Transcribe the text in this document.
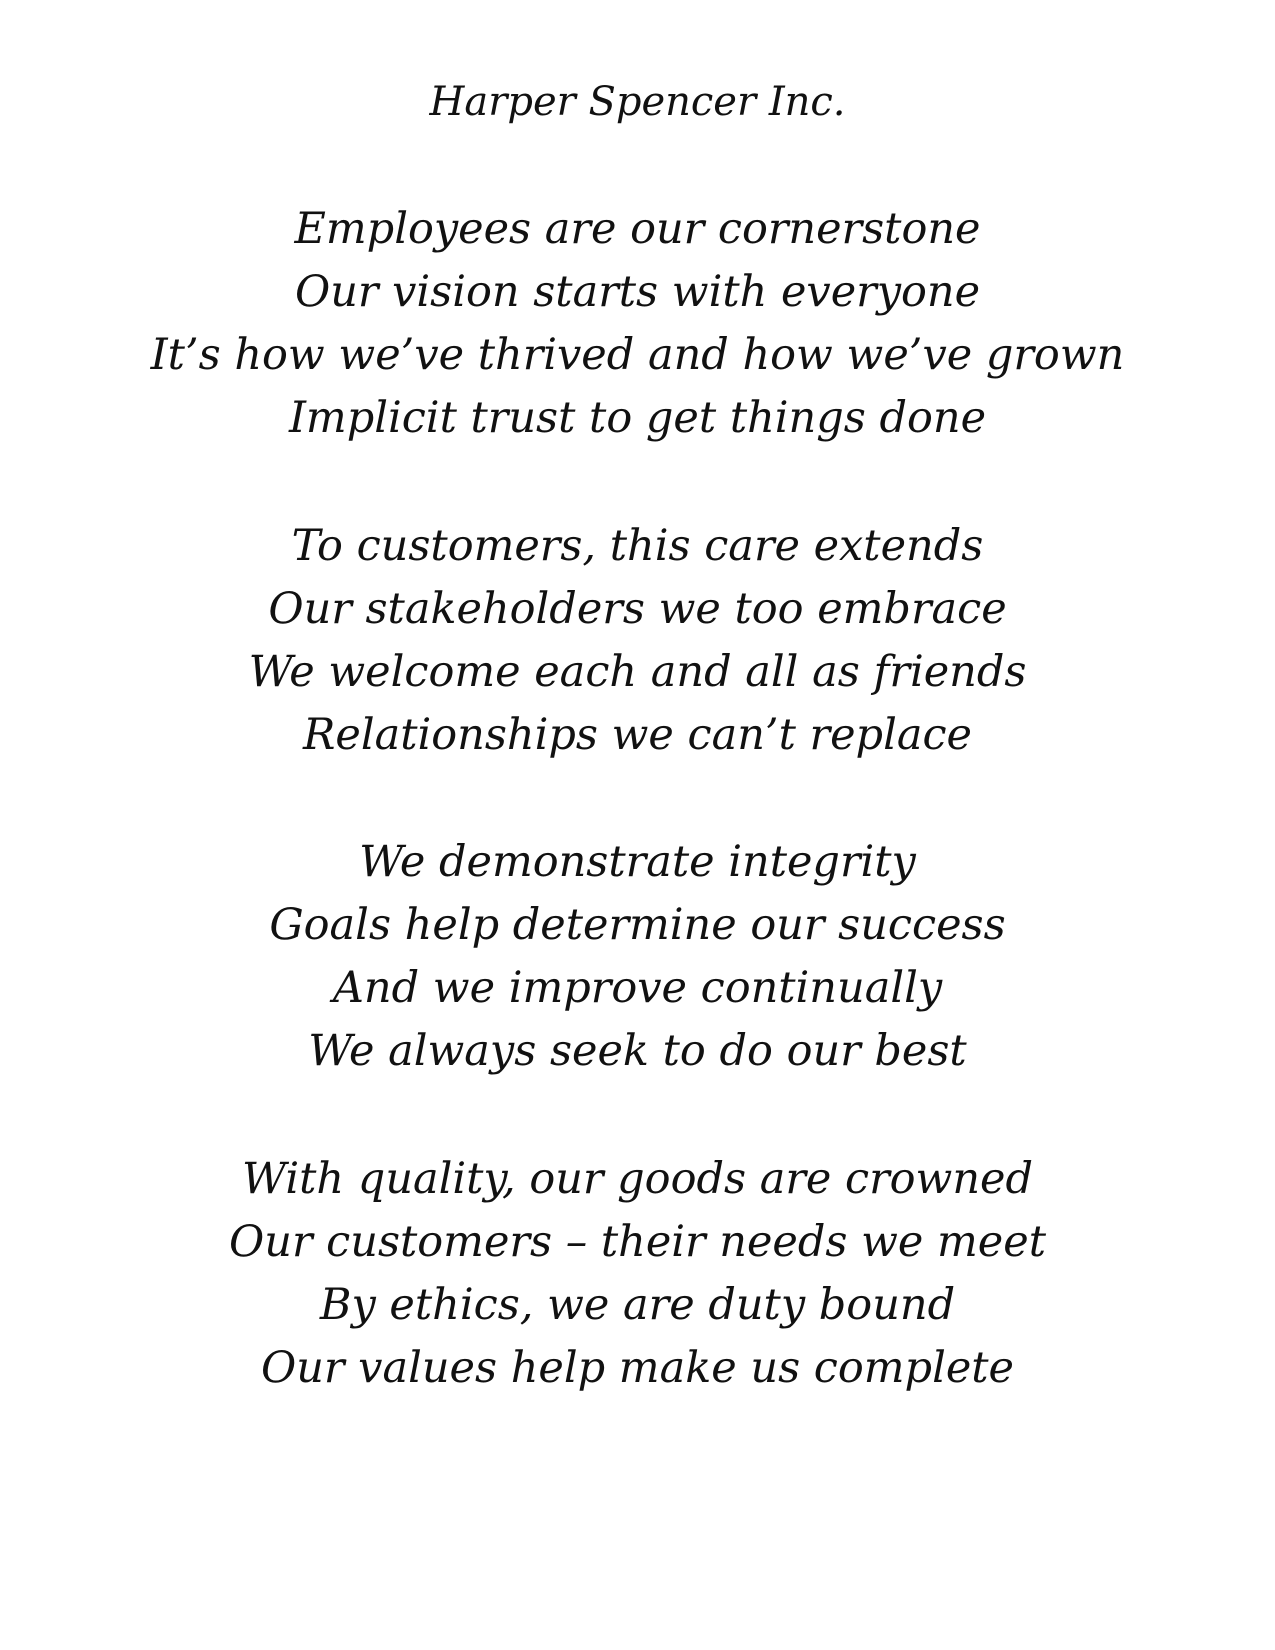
Harper Spencer Inc.
Employees are our cornerstone
Our vision starts with everyone
It’s how we’ve thrived and how we’ve grown
Implicit trust to get things done
To customers, this care extends
Our stakeholders we too embrace
We welcome each and all as friends
Relationships we can’t replace
We demonstrate integrity
Goals help determine our success
And we improve continually
We always seek to do our best
With quality, our goods are crowned
Our customers – their needs we meet
By ethics, we are duty bound
Our values help make us complete
